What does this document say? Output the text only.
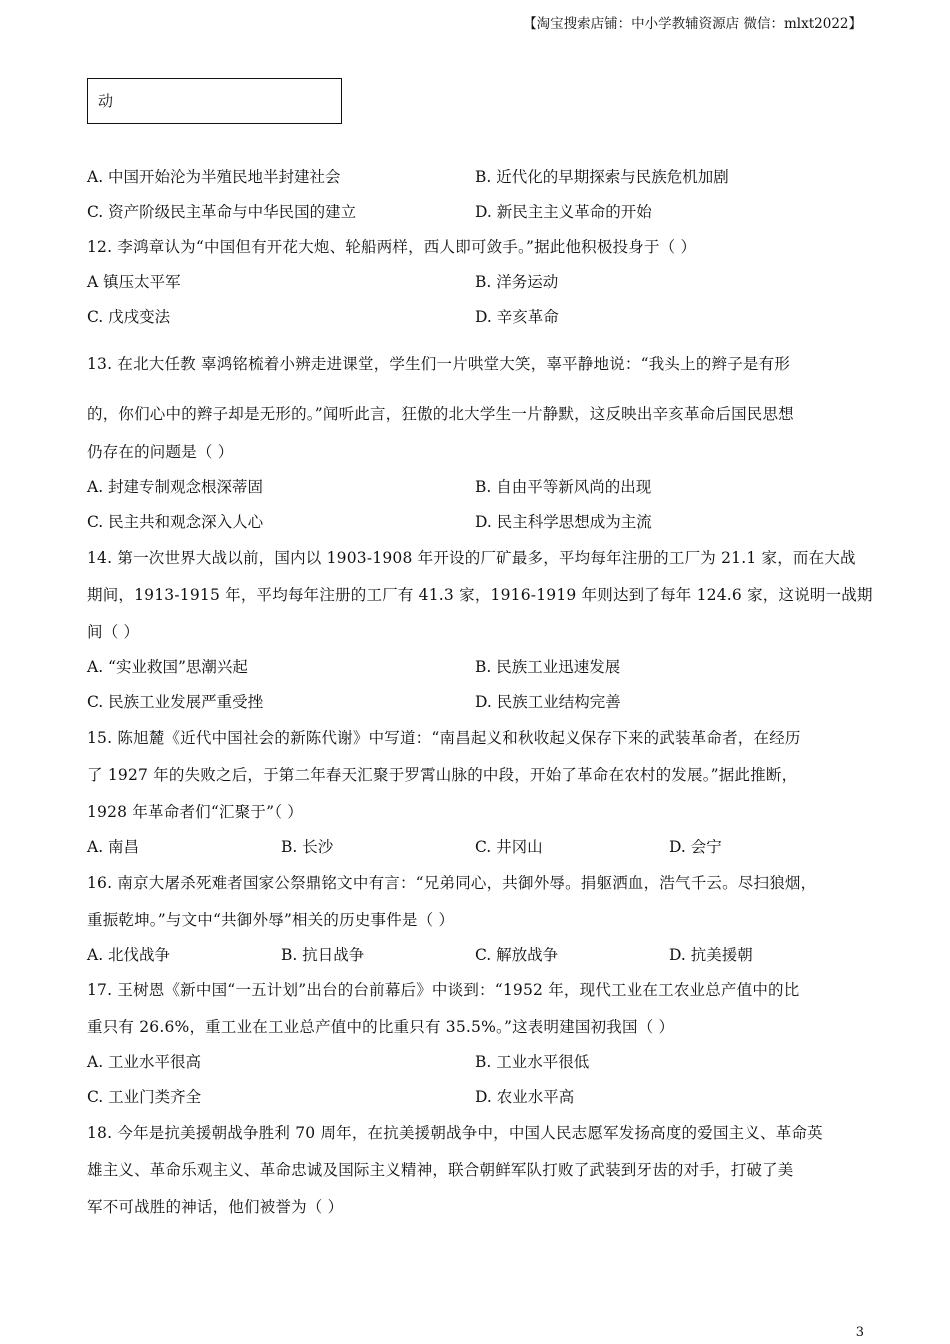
【淘宝搜索店铺：中小学教辅资源店 微信：mlxt2022】
动
A. 中国开始沦为半殖民地半封建社会	B. 近代化的早期探索与民族危机加剧
C. 资产阶级民主革命与中华民国的建立	D. 新民主主义革命的开始
12. 李鸿章认为“中国但有开花大炮、轮船两样，西人即可敛手。”据此他积极投身于（ ）
A 镇压太平军	B. 洋务运动
C. 戊戌变法	D. 辛亥革命
13. 在北大任教 辜鸿铭梳着小辨走进课堂，学生们一片哄堂大笑，辜平静地说：“我头上的辫子是有形
的，你们心中的辫子却是无形的。”闻听此言，狂傲的北大学生一片静默，这反映出辛亥革命后国民思想
仍存在的问题是（ ）
A. 封建专制观念根深蒂固	B. 自由平等新风尚的出现
C. 民主共和观念深入人心	D. 民主科学思想成为主流
14. 第一次世界大战以前，国内以 1903-1908 年开设的厂矿最多，平均每年注册的工厂为 21.1 家，而在大战
期间，1913-1915 年，平均每年注册的工厂有 41.3 家，1916-1919 年则达到了每年 124.6 家，这说明一战期
间（ ）
A. “实业救国”思潮兴起	B. 民族工业迅速发展
C. 民族工业发展严重受挫	D. 民族工业结构完善
15. 陈旭麓《近代中国社会的新陈代谢》中写道：“南昌起义和秋收起义保存下来的武装革命者，在经历
了 1927 年的失败之后，于第二年春天汇聚于罗霄山脉的中段，开始了革命在农村的发展。”据此推断，
1928 年革命者们“汇聚于”（ ）
A. 南昌	B. 长沙	C. 井冈山	D. 会宁
16. 南京大屠杀死难者国家公祭鼎铭文中有言：“兄弟同心，共御外辱。捐躯洒血，浩气千云。尽扫狼烟，
重振乾坤。”与文中“共御外辱”相关的历史事件是（ ）
A. 北伐战争	B. 抗日战争	C. 解放战争	D. 抗美援朝
17. 王树恩《新中国“一五计划”出台的台前幕后》中谈到：“1952 年，现代工业在工农业总产值中的比
重只有 26.6%，重工业在工业总产值中的比重只有 35.5%。”这表明建国初我国（ ）
A. 工业水平很高	B. 工业水平很低
C. 工业门类齐全	D. 农业水平高
18. 今年是抗美援朝战争胜利 70 周年，在抗美援朝战争中，中国人民志愿军发扬高度的爱国主义、革命英
雄主义、革命乐观主义、革命忠诚及国际主义精神，联合朝鲜军队打败了武装到牙齿的对手，打破了美
军不可战胜的神话，他们被誉为（ ）
3
